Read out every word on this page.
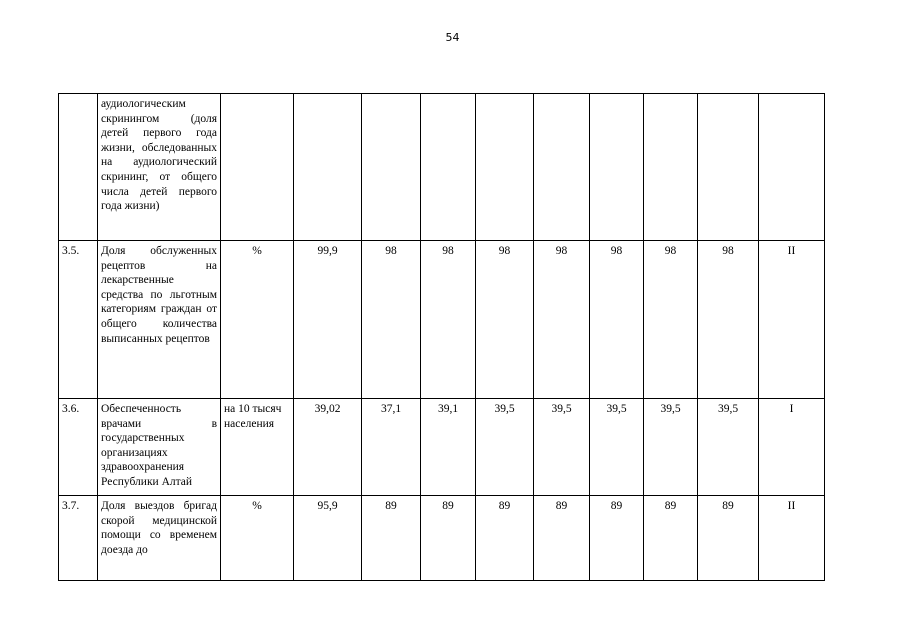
54
	аудиологическим скринингом (доля детей первого года жизни, обследованных на аудиологический скрининг, от общего числа детей первого года жизни)										
3.5.	Доля обслуженных рецептов на лекарственные средства по льготным категориям граждан от общего количества выписанных рецептов	%	99,9	98	98	98	98	98	98	98	II
3.6.	Обеспеченность врачами в государственных организациях здравоохранения Республики Алтай	на 10 тысяч населения	39,02	37,1	39,1	39,5	39,5	39,5	39,5	39,5	I
3.7.	Доля выездов бригад скорой медицинской помощи со временем доезда до	%	95,9	89	89	89	89	89	89	89	II
